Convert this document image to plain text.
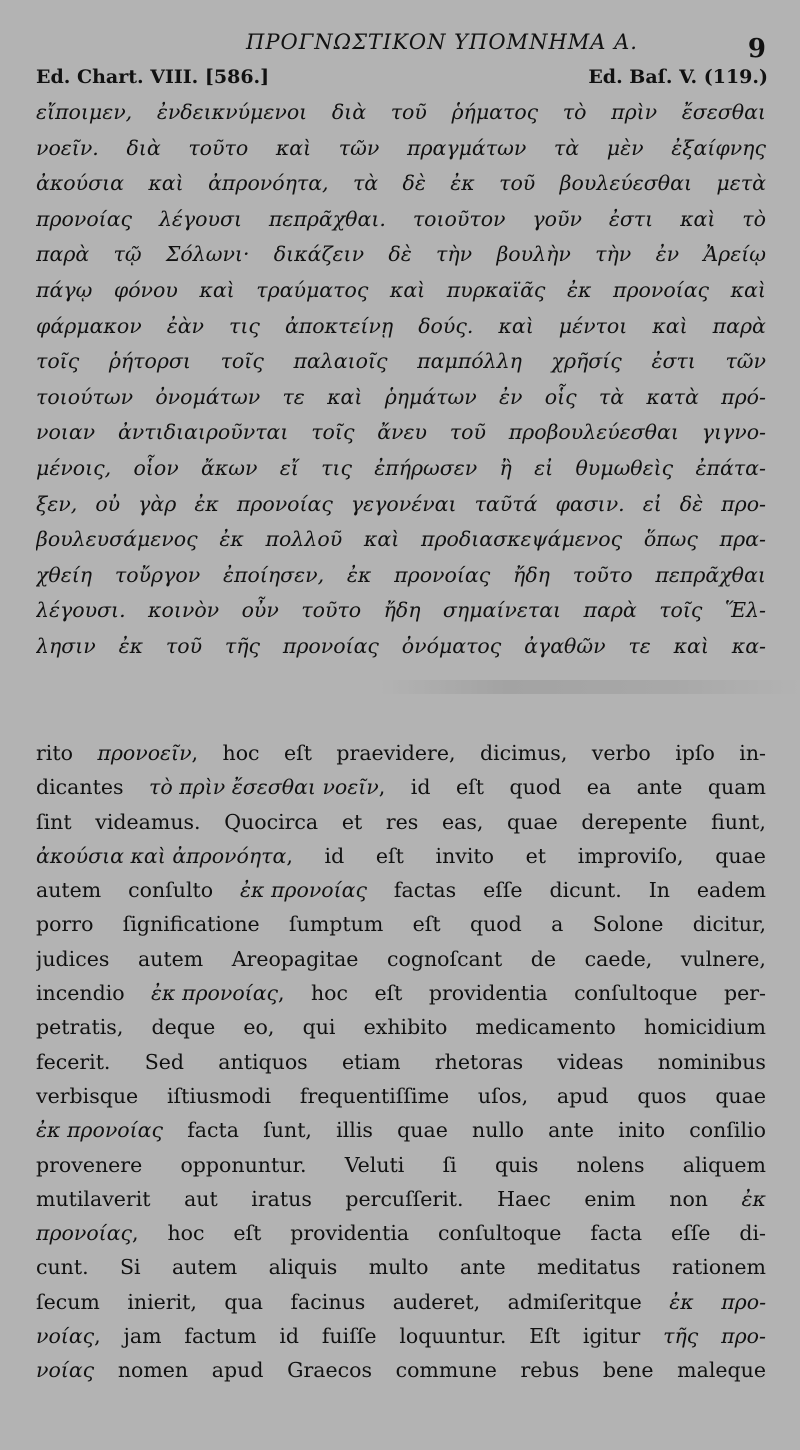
ΠΡΟΓΝΩΣΤΙΚΟΝ ΥΠΟΜΝΗΜΑ Α.	9
Ed. Chart. VIII. [586.]	Ed. Baſ. V. (119.)
εἴποιμεν, ἐνδεικνύμενοι διὰ τοῦ ῥήματος τὸ πρὶν ἔσεσθαι
νοεῖν. διὰ τοῦτο καὶ τῶν πραγμάτων τὰ μὲν ἐξαίφνης
ἀκούσια καὶ ἀπρονόητα, τὰ δὲ ἐκ τοῦ βουλεύεσθαι μετὰ
προνοίας λέγουσι πεπρᾶχθαι. τοιοῦτον γοῦν ἐστι καὶ τὸ
παρὰ τῷ Σόλωνι· δικάζειν δὲ τὴν βουλὴν τὴν ἐν Ἀρείῳ
πάγῳ φόνου καὶ τραύματος καὶ πυρκαϊᾶς ἐκ προνοίας καὶ
φάρμακον ἐὰν τις ἀποκτείνῃ δούς. καὶ μέντοι καὶ παρὰ
τοῖς ῥήτορσι τοῖς παλαιοῖς παμπόλλη χρῆσίς ἐστι τῶν
τοιούτων ὀνομάτων τε καὶ ῥημάτων ἐν οἷς τὰ κατὰ πρό-
νοιαν ἀντιδιαιροῦνται τοῖς ἄνευ τοῦ προβουλεύεσθαι γιγνο-
μένοις, οἷον ἄκων εἴ τις ἐπήρωσεν ἢ εἰ θυμωθεὶς ἐπάτα-
ξεν, οὐ γὰρ ἐκ προνοίας γεγονέναι ταῦτά φασιν. εἰ δὲ προ-
βουλευσάμενος ἐκ πολλοῦ καὶ προδιασκεψάμενος ὅπως πρα-
χθείη τοὔργον ἐποίησεν, ἐκ προνοίας ἤδη τοῦτο πεπρᾶχθαι
λέγουσι. κοινὸν οὖν τοῦτο ἤδη σημαίνεται παρὰ τοῖς Ἕλ-
λησιν ἐκ τοῦ τῆς προνοίας ὀνόματος ἀγαθῶν τε καὶ κα-
rito προνοεῖν, hoc eſt praevidere, dicimus, verbo ipſo in-
dicantes τὸ πρὶν ἔσεσθαι νοεῖν, id eſt quod ea ante quam
ſint videamus. Quocirca et res eas, quae derepente fiunt,
ἀκούσια καὶ ἀπρονόητα, id eſt invito et improviſo, quae
autem conſulto ἐκ προνοίας factas eſſe dicunt. In eadem
porro ſignificatione ſumptum eſt quod a Solone dicitur,
judices autem Areopagitae cognoſcant de caede, vulnere,
incendio ἐκ προνοίας, hoc eſt providentia conſultoque per-
petratis, deque eo, qui exhibito medicamento homicidium
fecerit. Sed antiquos etiam rhetoras videas nominibus
verbisque iſtiusmodi frequentiſſime uſos, apud quos quae
ἐκ προνοίας facta ſunt, illis quae nullo ante inito conſilio
provenere opponuntur. Veluti ſi quis nolens aliquem
mutilaverit aut iratus percuſſerit. Haec enim non ἐκ
προνοίας, hoc eſt providentia conſultoque facta eſſe di-
cunt. Si autem aliquis multo ante meditatus rationem
ſecum inierit, qua facinus auderet, admiſeritque ἐκ προ-
νοίας, jam factum id fuiſſe loquuntur. Eſt igitur τῆς προ-
νοίας nomen apud Graecos commune rebus bene maleque
